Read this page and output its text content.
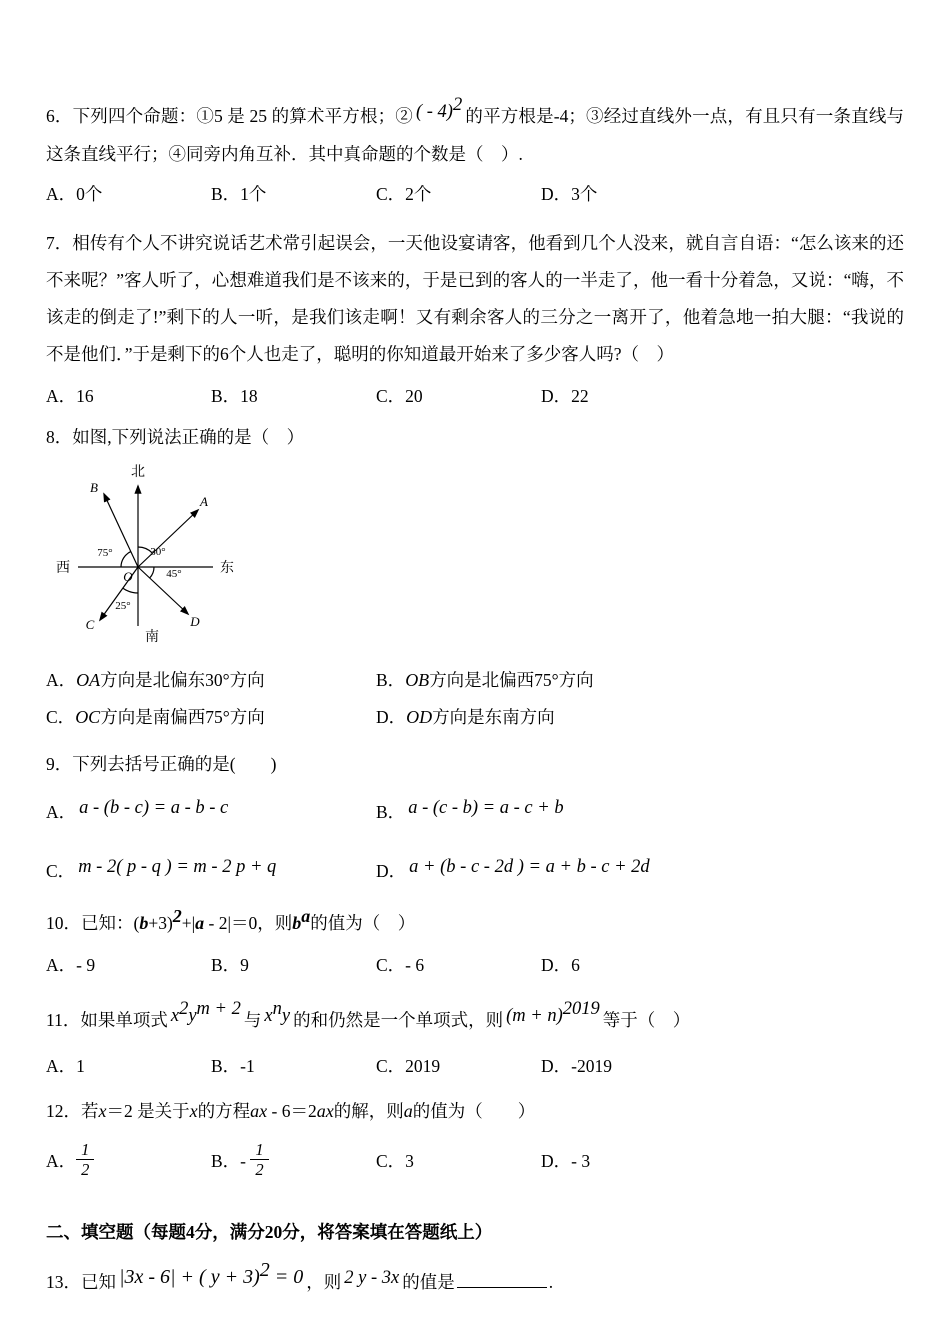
6．下列四个命题：①5 是 25 的算术平方根；② ( - 4)$^2$的平方根是-4；③经过直线外一点，有且只有一条直线与这条直线平行；④同旁内角互补．其中真命题的个数是（　）.

A．0个	B．1个	C．2个	D．3个

7．相传有个人不讲究说话艺术常引起误会，一天他设宴请客，他看到几个人没来，就自言自语：“怎么该来的还不来呢？”客人听了，心想难道我们是不该来的，于是已到的客人的一半走了，他一看十分着急，又说：“嗨，不该走的倒走了!”剩下的人一听，是我们该走啊！又有剩余客人的三分之一离开了，他着急地一拍大腿：“我说的不是他们．”于是剩下的6个人也走了，聪明的你知道最开始来了多少客人吗?（　）

A．16	B．18	C．20	D．22

8．如图,下列说法正确的是（　）

北
南
西	东
O
A
B
C	D
30°
75°
45°
25°
A．OA方向是北偏东30°方向	B．OB方向是北偏西75°方向
C．OC方向是南偏西75°方向	D．OD方向是东南方向

9．下列去括号正确的是(　　)

A． a - (b - c) = a - b - c	B． a - (c - b) = a - c + b
C． m - 2( p - q ) = m - 2 p + q	D． a + (b - c - 2d ) = a + b - c + 2d

10．已知：$(b+3)^2+|a - 2|=0$，则$b^a$的值为（　）

A．- 9	B．9	C．- 6	D．6

11．如果单项式 $x^2y^{m + 2}$与 $x^ny$ 的和仍然是一个单项式，则 $(m + n)^{2019}$等于（　）

A．1	B．-1	C．2019	D．-2019

12．若x＝2 是关于x的方程ax - 6＝2ax的解，则a的值为（　　）

A． $\frac{1}{2}$	B．- $\frac{1}{2}$	C．3	D．- 3

二、填空题（每题4分，满分20分，将答案填在答题纸上）

13．已知 |3x - 6| + ( y + 3)$^2$ = 0 ，则 2 y - 3x 的值是	.
